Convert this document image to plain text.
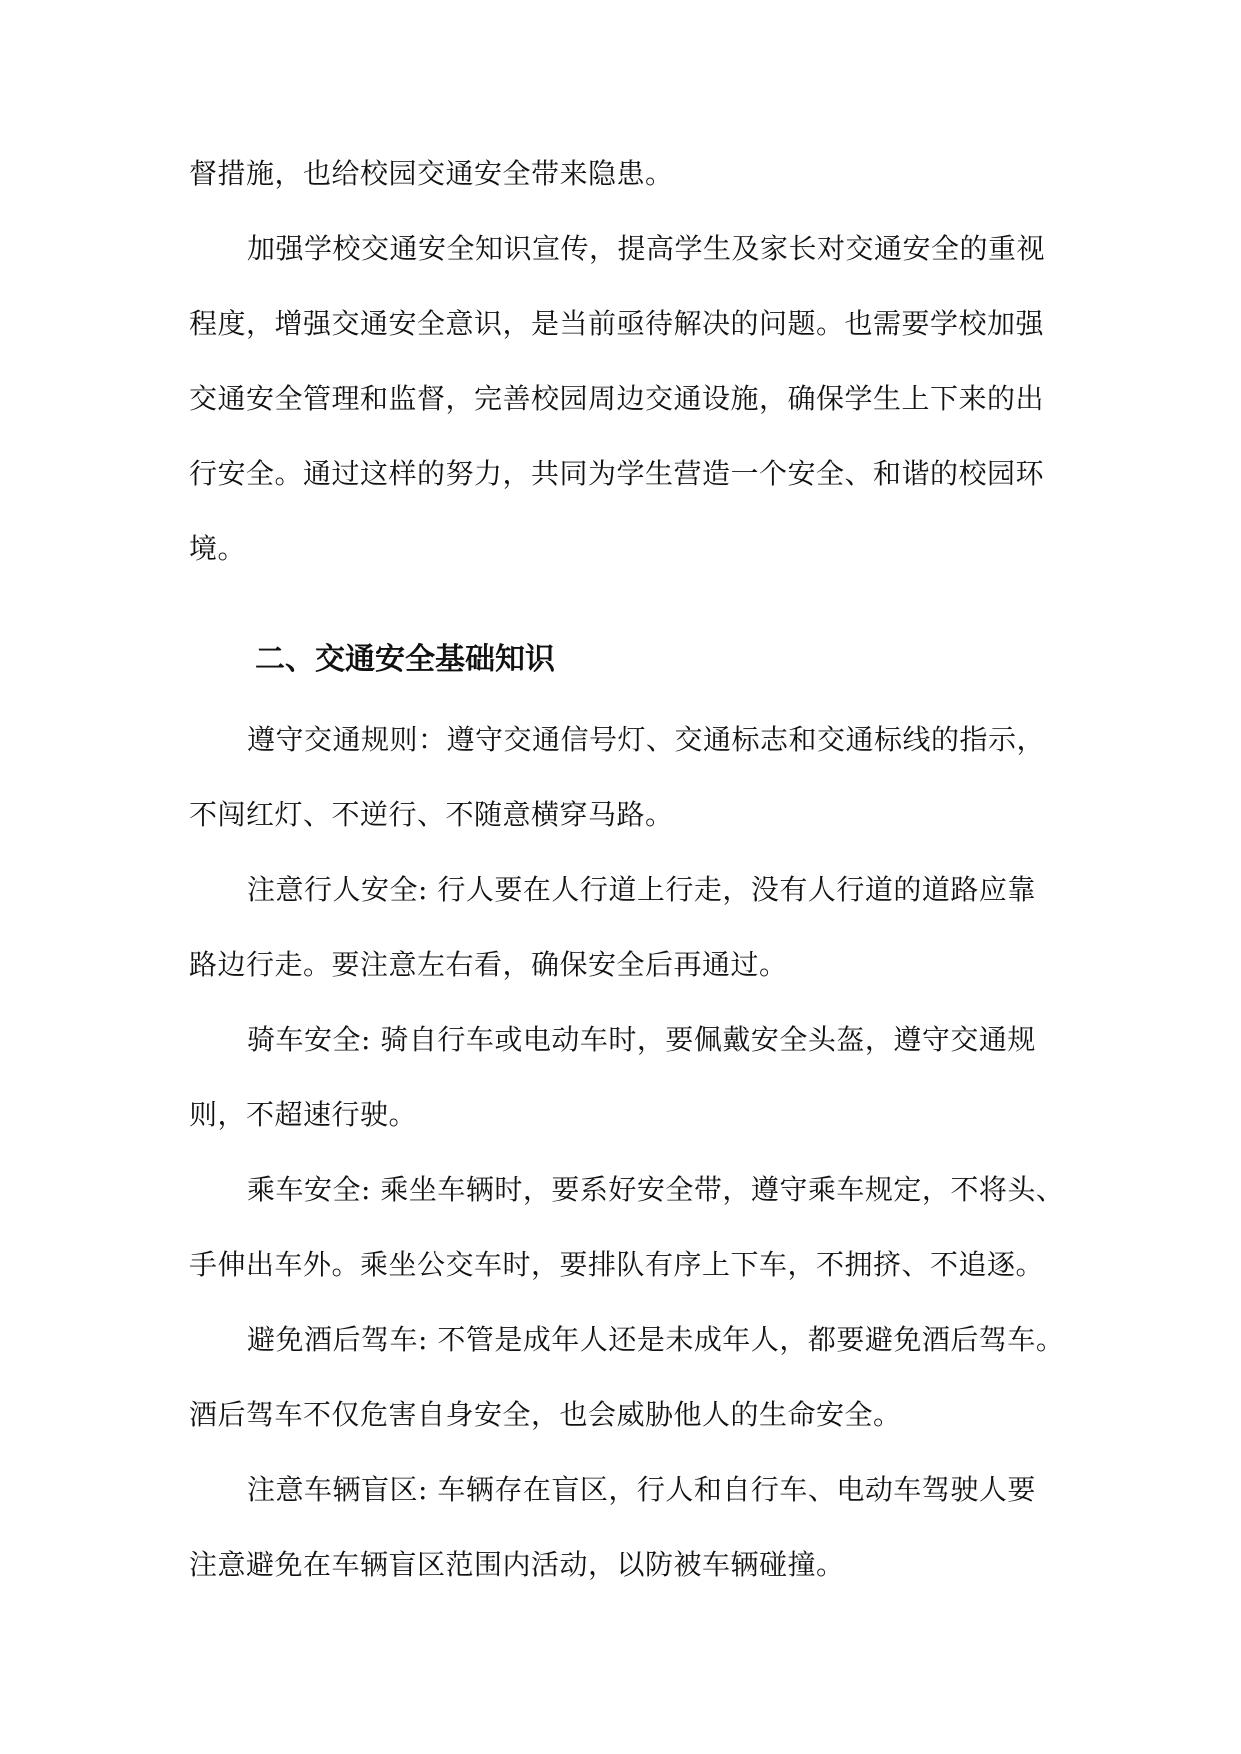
督措施，也给校园交通安全带来隐患。
加强学校交通安全知识宣传，提高学生及家长对交通安全的重视
程度，增强交通安全意识，是当前亟待解决的问题。也需要学校加强
交通安全管理和监督，完善校园周边交通设施，确保学生上下来的出
行安全。通过这样的努力，共同为学生营造一个安全、和谐的校园环
境。
二、交通安全基础知识
遵守交通规则：遵守交通信号灯、交通标志和交通标线的指示，
不闯红灯、不逆行、不随意横穿马路。
注意行人安全: 行人要在人行道上行走，没有人行道的道路应靠
路边行走。要注意左右看，确保安全后再通过。
骑车安全: 骑自行车或电动车时，要佩戴安全头盔，遵守交通规
则，不超速行驶。
乘车安全: 乘坐车辆时，要系好安全带，遵守乘车规定，不将头、
手伸出车外。乘坐公交车时，要排队有序上下车，不拥挤、不追逐。
避免酒后驾车: 不管是成年人还是未成年人，都要避免酒后驾车。
酒后驾车不仅危害自身安全，也会威胁他人的生命安全。
注意车辆盲区: 车辆存在盲区，行人和自行车、电动车驾驶人要
注意避免在车辆盲区范围内活动，以防被车辆碰撞。
